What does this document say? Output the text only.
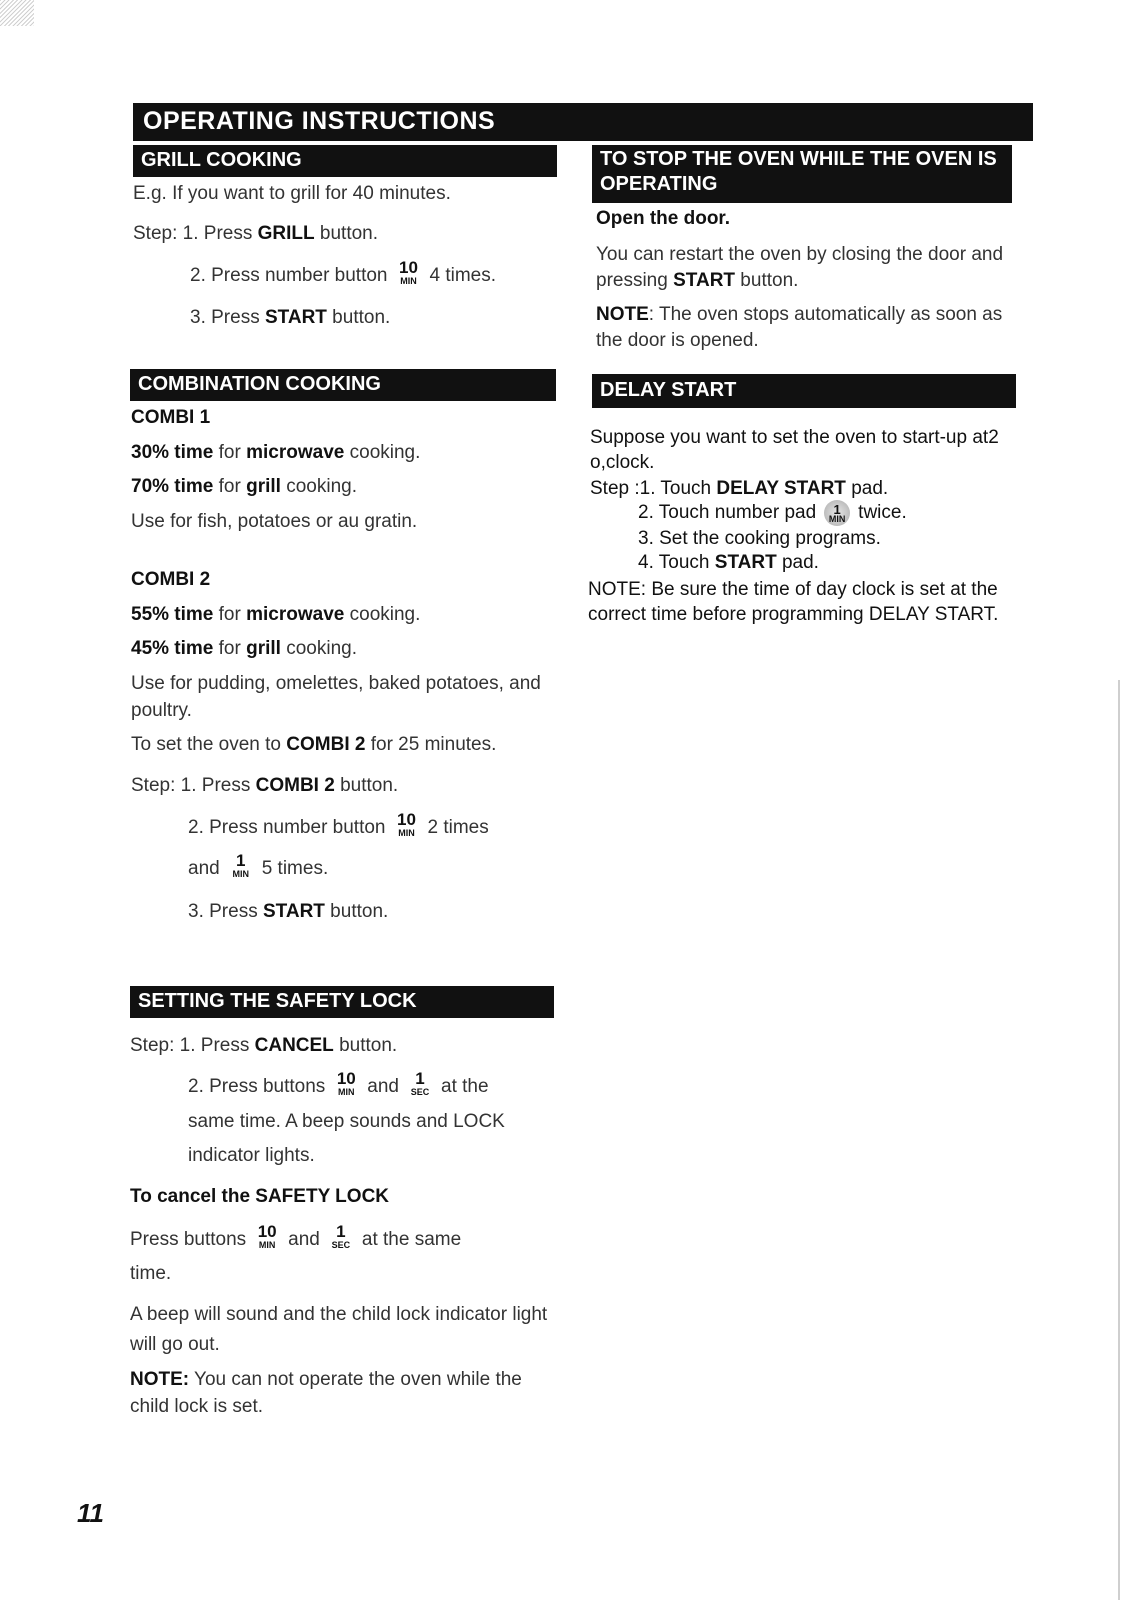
OPERATING INSTRUCTIONS
GRILL COOKING
E.g. If you want to grill for 40 minutes.
Step: 1. Press GRILL button.
2. Press number button 10
MIN 4 times.
3. Press START button.
COMBINATION COOKING
COMBI 1
30% time for microwave cooking.
70% time for grill cooking.
Use for fish, potatoes or au gratin.
COMBI 2
55% time for microwave cooking.
45% time for grill cooking.
Use for pudding, omelettes, baked potatoes, and poultry.
To set the oven to COMBI 2 for 25 minutes.
Step: 1. Press COMBI 2 button.
2. Press number button 10
MIN 2 times
and 1
MIN 5 times.
3. Press START button.
SETTING THE SAFETY LOCK
Step: 1. Press CANCEL button.
2. Press buttons 10
MIN and 1
SEC at the
same time. A beep sounds and LOCK
indicator lights.
To cancel the SAFETY LOCK
Press buttons 10
MIN and 1
SEC at the same
time.
A beep will sound and the child lock indicator light will go out.
NOTE: You can not operate the oven while the child lock is set.
11
TO STOP THE OVEN WHILE THE OVEN IS OPERATING
Open the door.
You can restart the oven by closing the door and pressing START button.
NOTE: The oven stops automatically as soon as the door is opened.
DELAY START
Suppose you want to set the oven to start-up at2 o,clock.
Step :1. Touch DELAY START pad.
2. Touch number pad	1
MIN twice.
3. Set the cooking programs.
4. Touch START pad.
NOTE: Be sure the time of day clock is set at the correct time before programming DELAY START.
